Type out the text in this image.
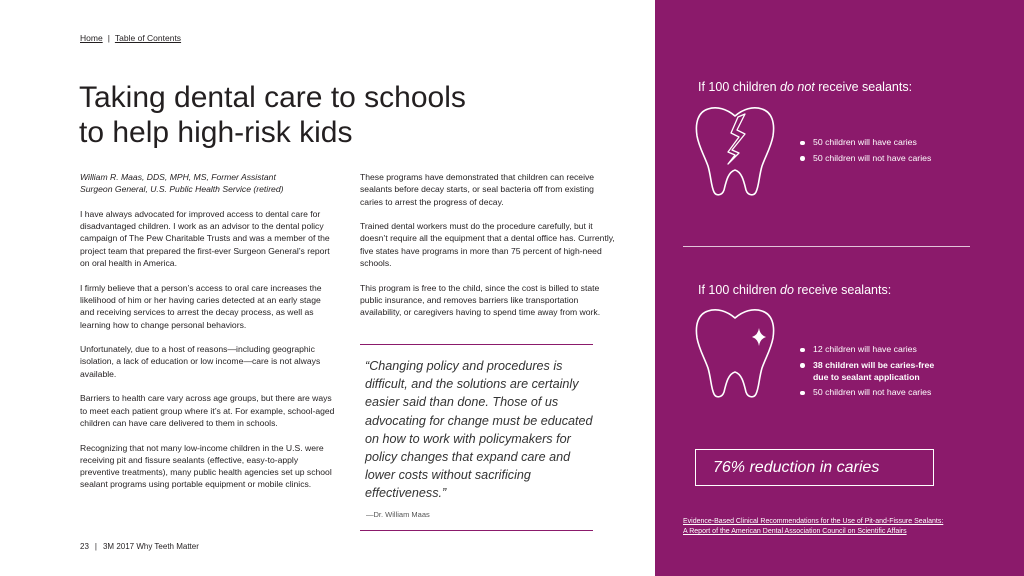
Home | Table of Contents
Taking dental care to schools
to help high-risk kids

William R. Maas, DDS, MPH, MS, Former Assistant
Surgeon General, U.S. Public Health Service (retired)

I have always advocated for improved access to dental care for disadvantaged children. I work as an advisor to the dental policy campaign of The Pew Charitable Trusts and was a member of the project team that prepared the first-ever Surgeon General’s report on oral health in America.

I firmly believe that a person’s access to oral care increases the likelihood of him or her having caries detected at an early stage and receiving services to arrest the decay process, as well as learning how to change personal behaviors.

Unfortunately, due to a host of reasons—including geographic isolation, a lack of education or low income—care is not always available.

Barriers to health care vary across age groups, but there are ways to meet each patient group where it’s at. For example, school-aged children can have care delivered to them in schools.

Recognizing that not many low-income children in the U.S. were receiving pit and fissure sealants (effective, easy-to-apply preventive treatments), many public health agencies set up school sealant programs using portable equipment or mobile clinics.

These programs have demonstrated that children can receive sealants before decay starts, or seal bacteria off from existing caries to arrest the progress of decay.

Trained dental workers must do the procedure carefully, but it doesn’t require all the equipment that a dental office has. Currently, five states have programs in more than 75 percent of high-need schools.

This program is free to the child, since the cost is billed to state public insurance, and removes barriers like transportation availability, or caregivers having to spend time away from work.

“Changing policy and procedures is difficult, and the solutions are certainly easier said than done. Those of us advocating for change must be educated on how to work with policymakers for policy changes that expand care and lower costs without sacrificing effectiveness.”
—Dr. William Maas
23 | 3M 2017 Why Teeth Matter
If 100 children do not receive sealants:
50 children will have caries
50 children will not have caries
If 100 children do receive sealants:
12 children will have caries
38 children will be caries-free
due to sealant application
50 children will not have caries
76% reduction in caries
Evidence-Based Clinical Recommendations for the Use of Pit-and-Fissure Sealants:
A Report of the American Dental Association Council on Scientific Affairs
